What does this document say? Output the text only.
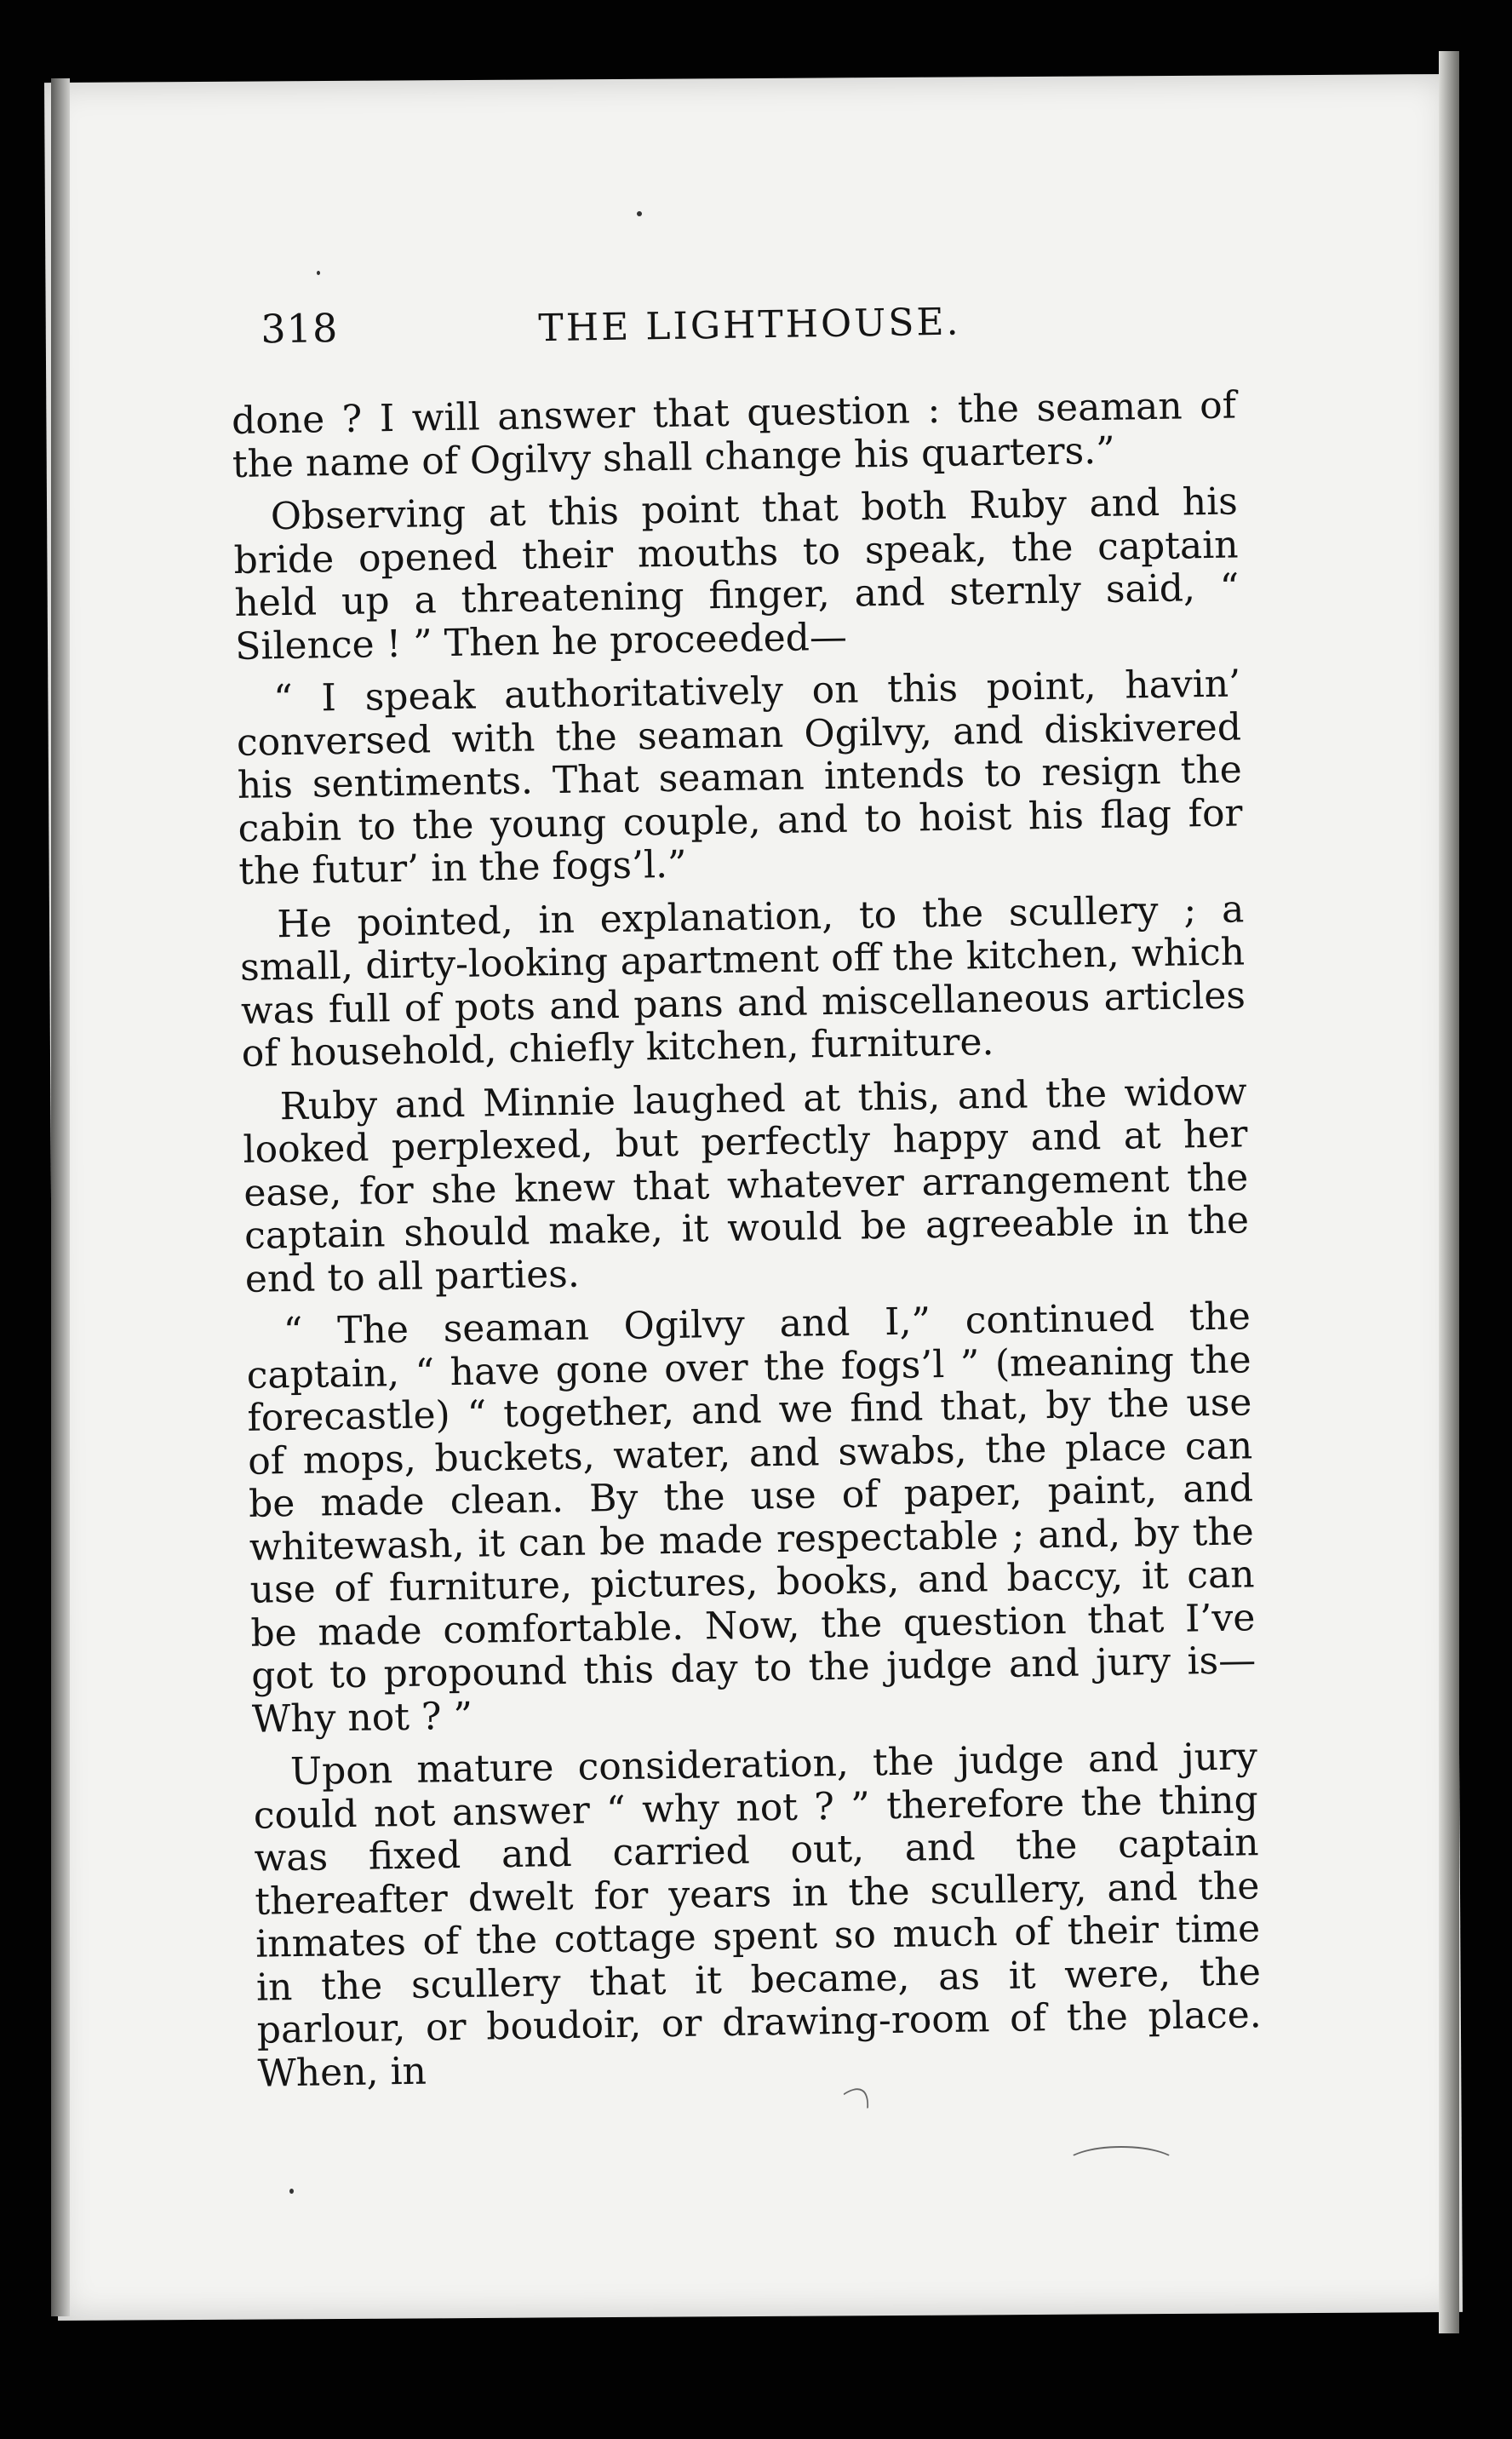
318	THE LIGHTHOUSE.

done ? I will answer that question : the seaman of the name of Ogilvy shall change his quarters.”

Observing at this point that both Ruby and his bride opened their mouths to speak, the captain held up a threatening finger, and sternly said, “ Silence ! ” Then he proceeded—

“ I speak authoritatively on this point, havin’ conversed with the seaman Ogilvy, and diskivered his sentiments. That seaman intends to resign the cabin to the young couple, and to hoist his flag for the futur’ in the fogs’l.”

He pointed, in explanation, to the scullery ; a small, dirty-looking apartment off the kitchen, which was full of pots and pans and miscellaneous articles of household, chiefly kitchen, furniture.

Ruby and Minnie laughed at this, and the widow looked perplexed, but perfectly happy and at her ease, for she knew that whatever arrangement the captain should make, it would be agreeable in the end to all parties.

“ The seaman Ogilvy and I,” continued the captain, “ have gone over the fogs’l ” (meaning the forecastle) “ together, and we find that, by the use of mops, buckets, water, and swabs, the place can be made clean. By the use of paper, paint, and whitewash, it can be made respectable ; and, by the use of furniture, pictures, books, and baccy, it can be made comfortable. Now, the question that I’ve got to propound this day to the judge and jury is—Why not ? ”

Upon mature consideration, the judge and jury could not answer “ why not ? ” therefore the thing was fixed and carried out, and the captain thereafter dwelt for years in the scullery, and the inmates of the cottage spent so much of their time in the scullery that it became, as it were, the parlour, or boudoir, or drawing-room of the place. When, in
